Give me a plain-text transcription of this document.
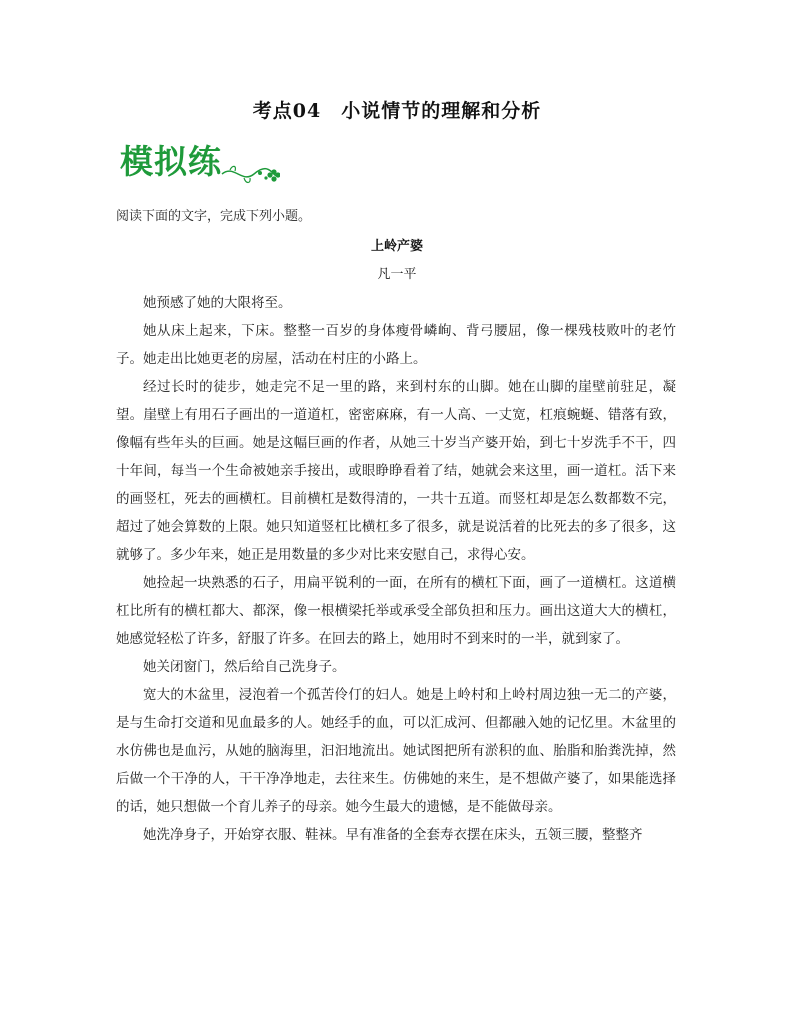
考点04　小说情节的理解和分析
模拟练
阅读下面的文字，完成下列小题。
上岭产婆
凡一平

她预感了她的大限将至。

她从床上起来，下床。整整一百岁的身体瘦骨嶙峋、背弓腰屈，像一棵残枝败叶的老竹子。她走出比她更老的房屋，活动在村庄的小路上。

经过长时的徒步，她走完不足一里的路，来到村东的山脚。她在山脚的崖壁前驻足，凝望。崖壁上有用石子画出的一道道杠，密密麻麻，有一人高、一丈宽，杠痕蜿蜒、错落有致，像幅有些年头的巨画。她是这幅巨画的作者，从她三十岁当产婆开始，到七十岁洗手不干，四十年间，每当一个生命被她亲手接出，或眼睁睁看着了结，她就会来这里，画一道杠。活下来的画竖杠，死去的画横杠。目前横杠是数得清的，一共十五道。而竖杠却是怎么数都数不完，超过了她会算数的上限。她只知道竖杠比横杠多了很多，就是说活着的比死去的多了很多，这就够了。多少年来，她正是用数量的多少对比来安慰自己，求得心安。

她捡起一块熟悉的石子，用扁平锐利的一面，在所有的横杠下面，画了一道横杠。这道横杠比所有的横杠都大、都深，像一根横梁托举或承受全部负担和压力。画出这道大大的横杠，她感觉轻松了许多，舒服了许多。在回去的路上，她用时不到来时的一半，就到家了。

她关闭窗门，然后给自己洗身子。

宽大的木盆里，浸泡着一个孤苦伶仃的妇人。她是上岭村和上岭村周边独一无二的产婆，是与生命打交道和见血最多的人。她经手的血，可以汇成河、但都融入她的记忆里。木盆里的水仿佛也是血污，从她的脑海里，汩汩地流出。她试图把所有淤积的血、胎脂和胎粪洗掉，然后做一个干净的人，干干净净地走，去往来生。仿佛她的来生，是不想做产婆了，如果能选择的话，她只想做一个育儿养子的母亲。她今生最大的遗憾，是不能做母亲。

她洗净身子，开始穿衣服、鞋袜。早有准备的全套寿衣摆在床头，五领三腰，整整齐
